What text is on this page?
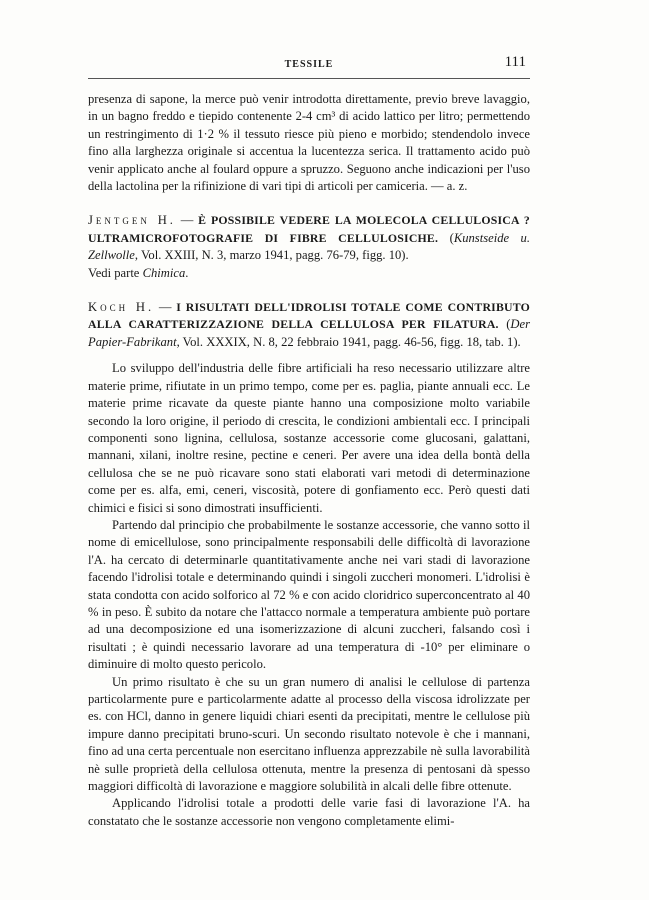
TESSILE	111

presenza di sapone, la merce può venir introdotta direttamente, previo breve lavaggio, in un bagno freddo e tiepido contenente 2-4 cm³ di acido lattico per litro; permettendo un restringimento di 1·2 % il tessuto riesce più pieno e morbido; stendendolo invece fino alla larghezza originale si accentua la lucentezza serica. Il trattamento acido può venir applicato anche al foulard oppure a spruzzo. Seguono anche indicazioni per l'uso della lactolina per la rifinizione di vari tipi di articoli per camiceria. — a. z.

Jentgen H. — È POSSIBILE VEDERE LA MOLECOLA CELLULOSICA ? ULTRAMICROFOTOGRAFIE DI FIBRE CELLULOSICHE. (Kunstseide u. Zellwolle, Vol. XXIII, N. 3, marzo 1941, pagg. 76-79, figg. 10).

Vedi parte Chimica.

Koch H. — I RISULTATI DELL'IDROLISI TOTALE COME CONTRIBUTO ALLA CARATTERIZZAZIONE DELLA CELLULOSA PER FILATURA. (Der Papier-Fabrikant, Vol. XXXIX, N. 8, 22 febbraio 1941, pagg. 46-56, figg. 18, tab. 1).

Lo sviluppo dell'industria delle fibre artificiali ha reso necessario utilizzare altre materie prime, rifiutate in un primo tempo, come per es. paglia, piante annuali ecc. Le materie prime ricavate da queste piante hanno una composizione molto variabile secondo la loro origine, il periodo di crescita, le condizioni ambientali ecc. I principali componenti sono lignina, cellulosa, sostanze accessorie come glucosani, galattani, mannani, xilani, inoltre resine, pectine e ceneri. Per avere una idea della bontà della cellulosa che se ne può ricavare sono stati elaborati vari metodi di determinazione come per es. alfa, emi, ceneri, viscosità, potere di gonfiamento ecc. Però questi dati chimici e fisici si sono dimostrati insufficienti.

Partendo dal principio che probabilmente le sostanze accessorie, che vanno sotto il nome di emicellulose, sono principalmente responsabili delle difficoltà di lavorazione l'A. ha cercato di determinarle quantitativamente anche nei vari stadi di lavorazione facendo l'idrolisi totale e determinando quindi i singoli zuccheri monomeri. L'idrolisi è stata condotta con acido solforico al 72 % e con acido cloridrico superconcentrato al 40 % in peso. È subito da notare che l'attacco normale a temperatura ambiente può portare ad una decomposizione ed una isomerizzazione di alcuni zuccheri, falsando così i risultati ; è quindi necessario lavorare ad una temperatura di -10° per eliminare o diminuire di molto questo pericolo.

Un primo risultato è che su un gran numero di analisi le cellulose di partenza particolarmente pure e particolarmente adatte al processo della viscosa idrolizzate per es. con HCl, danno in genere liquidi chiari esenti da precipitati, mentre le cellulose più impure danno precipitati bruno-scuri. Un secondo risultato notevole è che i mannani, fino ad una certa percentuale non esercitano influenza apprezzabile nè sulla lavorabilità nè sulle proprietà della cellulosa ottenuta, mentre la presenza di pentosani dà spesso maggiori difficoltà di lavorazione e maggiore solubilità in alcali delle fibre ottenute.

Applicando l'idrolisi totale a prodotti delle varie fasi di lavorazione l'A. ha constatato che le sostanze accessorie non vengono completamente elimi-
